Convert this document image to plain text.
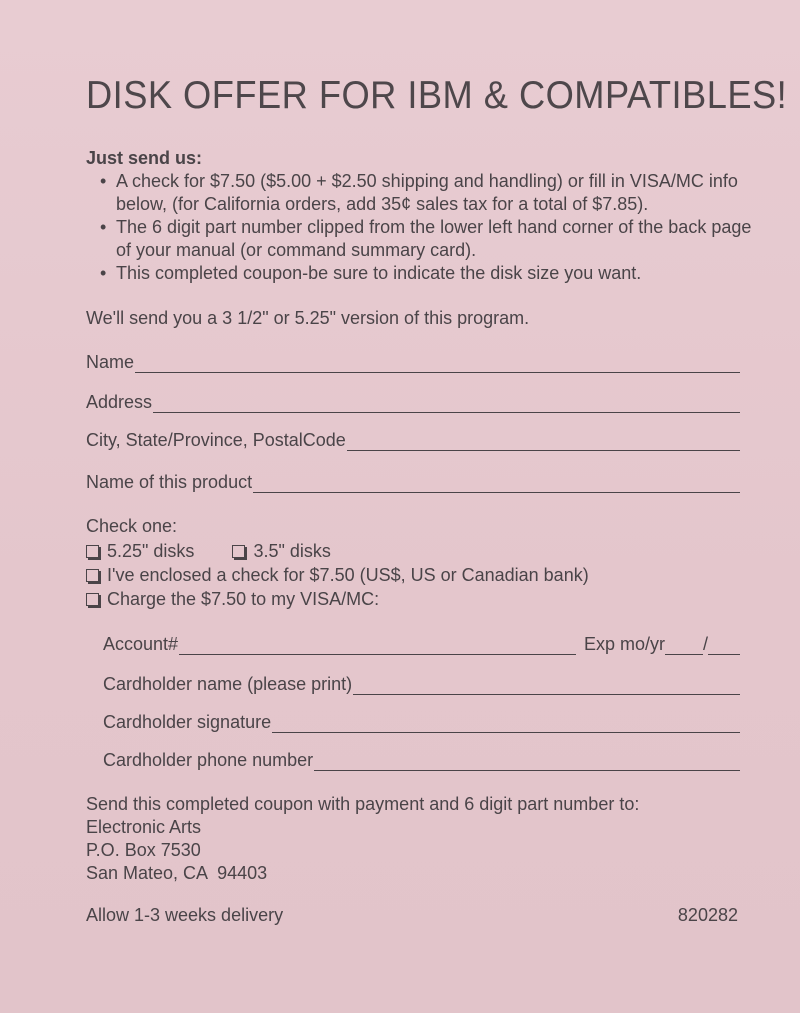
DISK OFFER FOR IBM & COMPATIBLES!
Just send us:
• A check for $7.50 ($5.00 + $2.50 shipping and handling) or fill in VISA/MC info below, (for California orders, add 35¢ sales tax for a total of $7.85).
• The 6 digit part number clipped from the lower left hand corner of the back page of your manual (or command summary card).
• This completed coupon-be sure to indicate the disk size you want.
We'll send you a 3 1/2" or 5.25" version of this program.
Name
Address
City, State/Province, PostalCode
Name of this product
Check one:
5.25" disks	3.5" disks
I've enclosed a check for $7.50 (US$, US or Canadian bank)
Charge the $7.50 to my VISA/MC:
Account#	Exp mo/yr /
Cardholder name (please print)
Cardholder signature
Cardholder phone number
Send this completed coupon with payment and 6 digit part number to:
Electronic Arts
P.O. Box 7530
San Mateo, CA  94403
Allow 1-3 weeks delivery	820282
